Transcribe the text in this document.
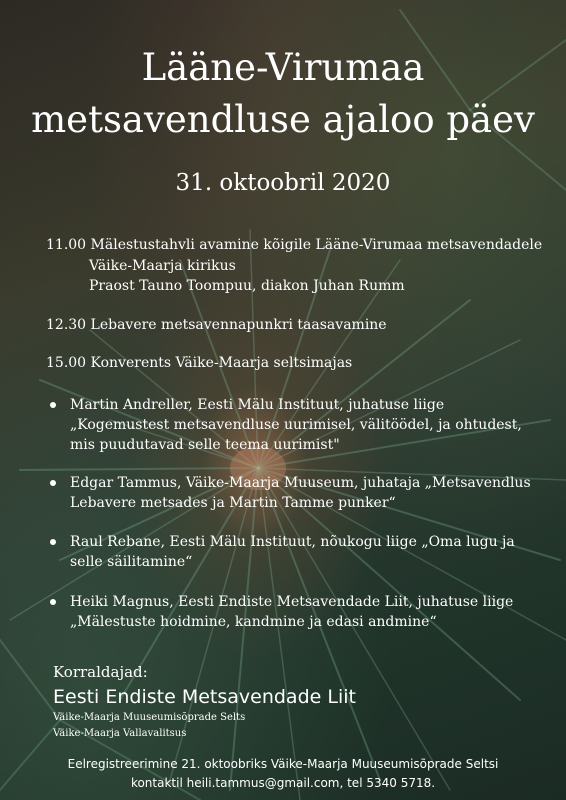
Lääne-Virumaa
metsavendluse ajaloo päev
31. oktoobril 2020
11.00 Mälestustahvli avamine kõigile Lääne-Virumaa metsavendadele
Väike-Maarja kirikus
Praost Tauno Toompuu, diakon Juhan Rumm
12.30 Lebavere metsavennapunkri taasavamine
15.00 Konverents Väike-Maarja seltsimajas
Martin Andreller, Eesti Mälu Instituut, juhatuse liige
„Kogemustest metsavendluse uurimisel, välitöödel, ja ohtudest,
mis puudutavad selle teema uurimist"
Edgar Tammus, Väike-Maarja Muuseum, juhataja „Metsavendlus
Lebavere metsades ja Martin Tamme punker“
Raul Rebane, Eesti Mälu Instituut, nõukogu liige „Oma lugu ja
selle säilitamine“
Heiki Magnus, Eesti Endiste Metsavendade Liit, juhatuse liige
„Mälestuste hoidmine, kandmine ja edasi andmine“
Korraldajad:
Eesti Endiste Metsavendade Liit
Väike-Maarja Muuseumisõprade Selts
Väike-Maarja Vallavalitsus
Eelregistreerimine 21. oktoobriks Väike-Maarja Muuseumisõprade Seltsi
kontaktil heili.tammus@gmail.com, tel 5340 5718.
